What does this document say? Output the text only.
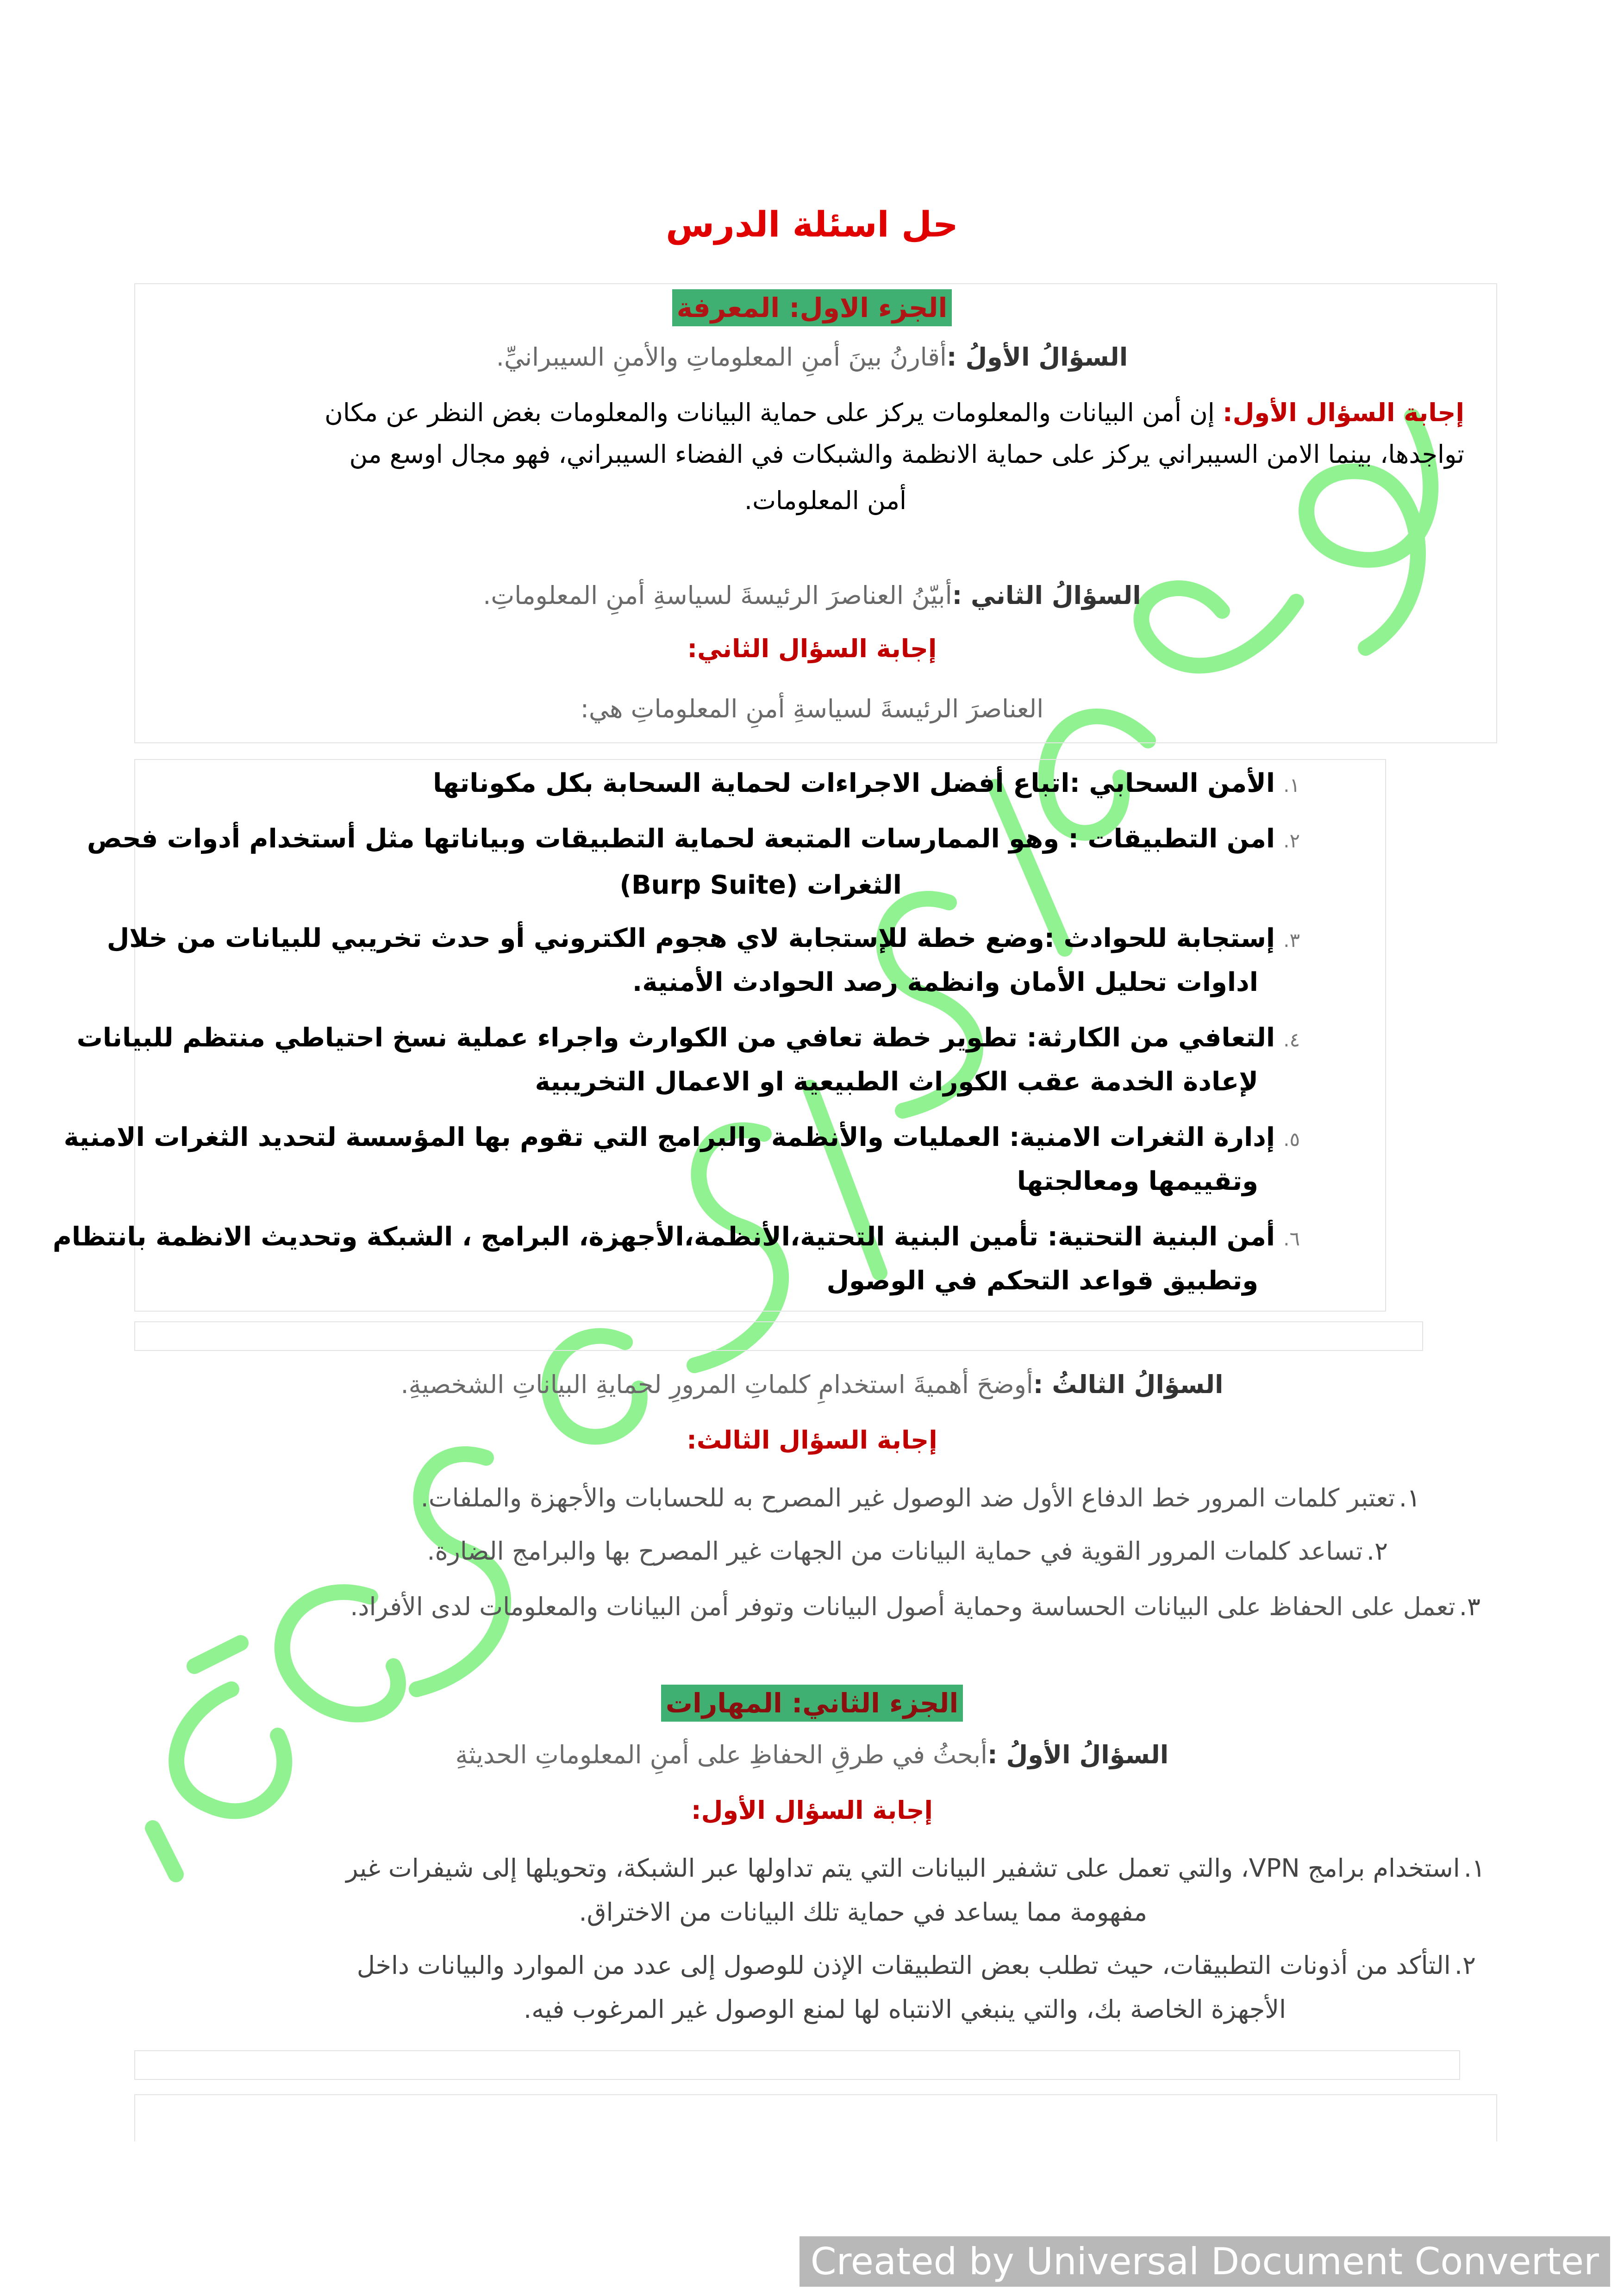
حل اسئلة الدرس
الجزء الاول: المعرفة
السؤالُ الأولُ :أقارنُ بينَ أمنِ المعلوماتِ والأمنِ السيبرانيِّ.
إجابة السؤال الأول: إن أمن البيانات والمعلومات يركز على حماية البيانات والمعلومات بغض النظر عن مكان
تواجدها، بينما الامن السيبراني يركز على حماية الانظمة والشبكات في الفضاء السيبراني، فهو مجال اوسع من
أمن المعلومات.
السؤالُ الثاني :أبيّنُ العناصرَ الرئيسةَ لسياسةِ أمنِ المعلوماتِ.
إجابة السؤال الثاني:
العناصرَ الرئيسةَ لسياسةِ أمنِ المعلوماتِ هي:
١.الأمن السحابي :اتباع أفضل الاجراءات لحماية السحابة بكل مكوناتها
٢.امن التطبيقات : وهو الممارسات المتبعة لحماية التطبيقات وبياناتها مثل أستخدام أدوات فحص
الثغرات (Burp Suite)
٣.إستجابة للحوادث :وضع خطة للإستجابة لاي هجوم الكتروني أو حدث تخريبي للبيانات من خلال
اداوات تحليل الأمان وانظمة رصد الحوادث الأمنية.
٤.التعافي من الكارثة: تطوير خطة تعافي من الكوارث واجراء عملية نسخ احتياطي منتظم للبيانات
لإعادة الخدمة عقب الكوراث الطبيعية او الاعمال التخريبية
٥.إدارة الثغرات الامنية: العمليات والأنظمة والبرامج التي تقوم بها المؤسسة لتحديد الثغرات الامنية
وتقييمها ومعالجتها
٦.أمن البنية التحتية: تأمين البنية التحتية،الأنظمة،الأجهزة، البرامج ، الشبكة وتحديث الانظمة بانتظام
وتطبيق قواعد التحكم في الوصول
السؤالُ الثالثُ :أوضحَ أهميةَ استخدامِ كلماتِ المرورِ لحمايةِ البياناتِ الشخصيةِ.
إجابة السؤال الثالث:
١.تعتبر كلمات المرور خط الدفاع الأول ضد الوصول غير المصرح به للحسابات والأجهزة والملفات.
٢.تساعد كلمات المرور القوية في حماية البيانات من الجهات غير المصرح بها والبرامج الضارة.
٣.تعمل على الحفاظ على البيانات الحساسة وحماية أصول البيانات وتوفر أمن البيانات والمعلومات لدى الأفراد.
الجزء الثاني: المهارات
السؤالُ الأولُ :أبحثُ في طرقِ الحفاظِ على أمنِ المعلوماتِ الحديثةِ
إجابة السؤال الأول:
١.استخدام برامج VPN، والتي تعمل على تشفير البيانات التي يتم تداولها عبر الشبكة، وتحويلها إلى شيفرات غير
مفهومة مما يساعد في حماية تلك البيانات من الاختراق.
٢.التأكد من أذونات التطبيقات، حيث تطلب بعض التطبيقات الإذن للوصول إلى عدد من الموارد والبيانات داخل
الأجهزة الخاصة بك، والتي ينبغي الانتباه لها لمنع الوصول غير المرغوب فيه.
Created by Universal Document Converter
